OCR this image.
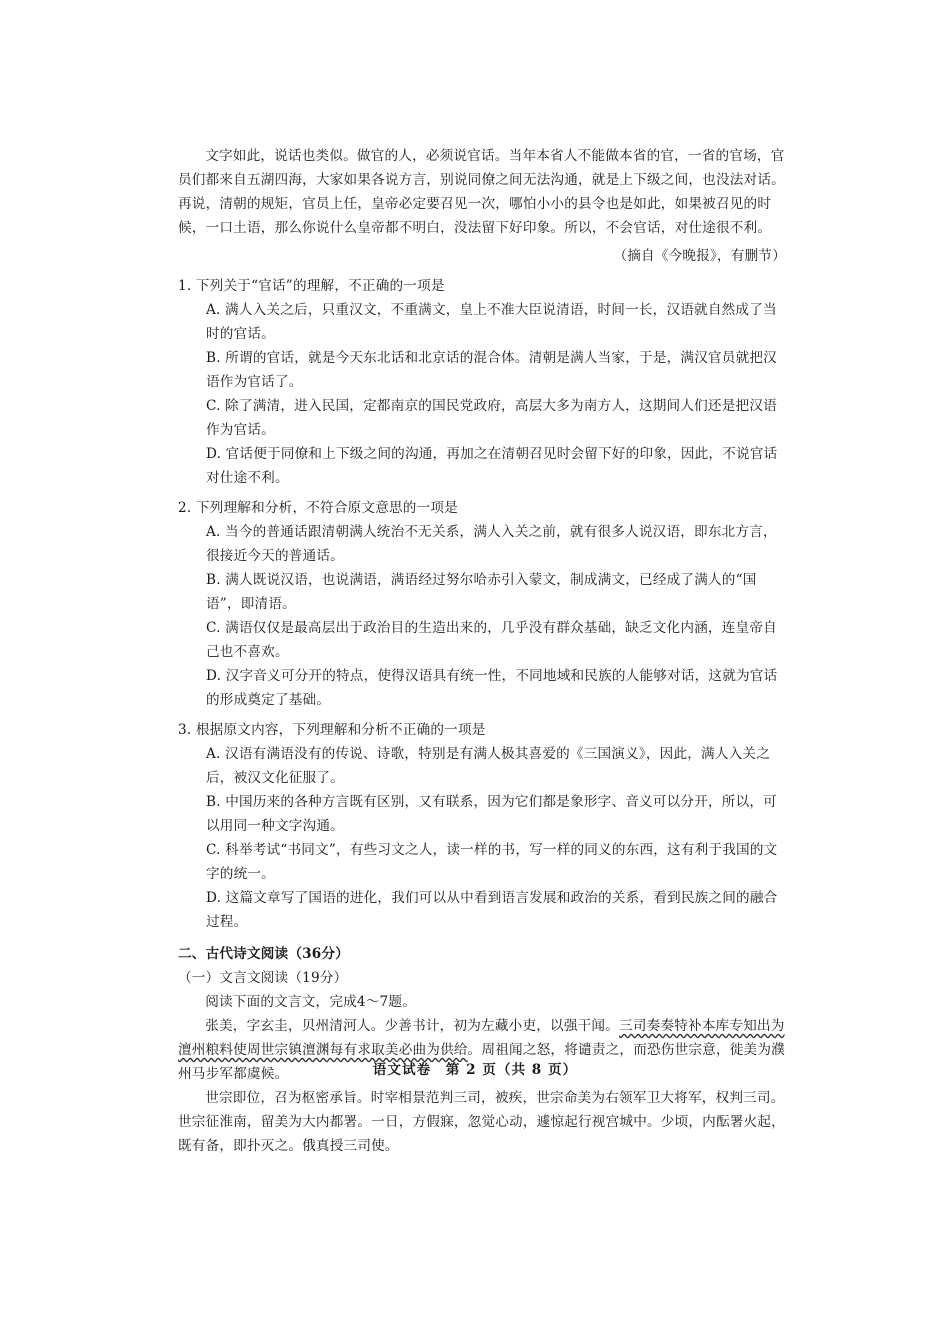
文字如此，说话也类似。做官的人，必须说官话。当年本省人不能做本省的官，一省的官场，官员们都来自五湖四海，大家如果各说方言，别说同僚之间无法沟通，就是上下级之间，也没法对话。再说，清朝的规矩，官员上任，皇帝必定要召见一次，哪怕小小的县令也是如此，如果被召见的时候，一口土语，那么你说什么皇帝都不明白，没法留下好印象。所以，不会官话，对仕途很不利。

（摘自《今晚报》，有删节）

1. 下列关于“官话”的理解，不正确的一项是

A. 满人入关之后，只重汉文，不重满文，皇上不准大臣说清语，时间一长，汉语就自然成了当时的官话。

B. 所谓的官话，就是今天东北话和北京话的混合体。清朝是满人当家，于是，满汉官员就把汉语作为官话了。

C. 除了满清，进入民国，定都南京的国民党政府，高层大多为南方人，这期间人们还是把汉语作为官话。

D. 官话便于同僚和上下级之间的沟通，再加之在清朝召见时会留下好的印象，因此，不说官话对仕途不利。

2. 下列理解和分析，不符合原文意思的一项是

A. 当今的普通话跟清朝满人统治不无关系，满人入关之前，就有很多人说汉语，即东北方言，很接近今天的普通话。

B. 满人既说汉语，也说满语，满语经过努尔哈赤引入蒙文，制成满文，已经成了满人的“国语”，即清语。

C. 满语仅仅是最高层出于政治目的生造出来的，几乎没有群众基础，缺乏文化内涵，连皇帝自己也不喜欢。

D. 汉字音义可分开的特点，使得汉语具有统一性，不同地域和民族的人能够对话，这就为官话的形成奠定了基础。

3. 根据原文内容，下列理解和分析不正确的一项是

A. 汉语有满语没有的传说、诗歌，特别是有满人极其喜爱的《三国演义》，因此，满人入关之后，被汉文化征服了。

B. 中国历来的各种方言既有区别，又有联系，因为它们都是象形字、音义可以分开，所以，可以用同一种文字沟通。

C. 科举考试“书同文”，有些习文之人，读一样的书，写一样的同义的东西，这有利于我国的文字的统一。

D. 这篇文章写了国语的进化，我们可以从中看到语言发展和政治的关系，看到民族之间的融合过程。

二、古代诗文阅读（36分）

（一）文言文阅读（19分）

阅读下面的文言文，完成4～7题。

张美，字玄圭，贝州清河人。少善书计，初为左藏小吏，以强干闻。三司奏奏特补本库专知出为澶州粮料使周世宗镇澶渊每有求取美必曲为供给。周祖闻之怒，将谴责之，而恐伤世宗意，徙美为濮州马步军都虞候。

世宗即位，召为枢密承旨。时宰相景范判三司，被疾，世宗命美为右领军卫大将军，权判三司。世宗征淮南，留美为大内都署。一日，方假寐，忽觉心动，遽惊起行视宫城中。少顷，内酝署火起，既有备，即扑灭之。俄真授三司使。

语文试卷　第 2 页（共 8 页）
